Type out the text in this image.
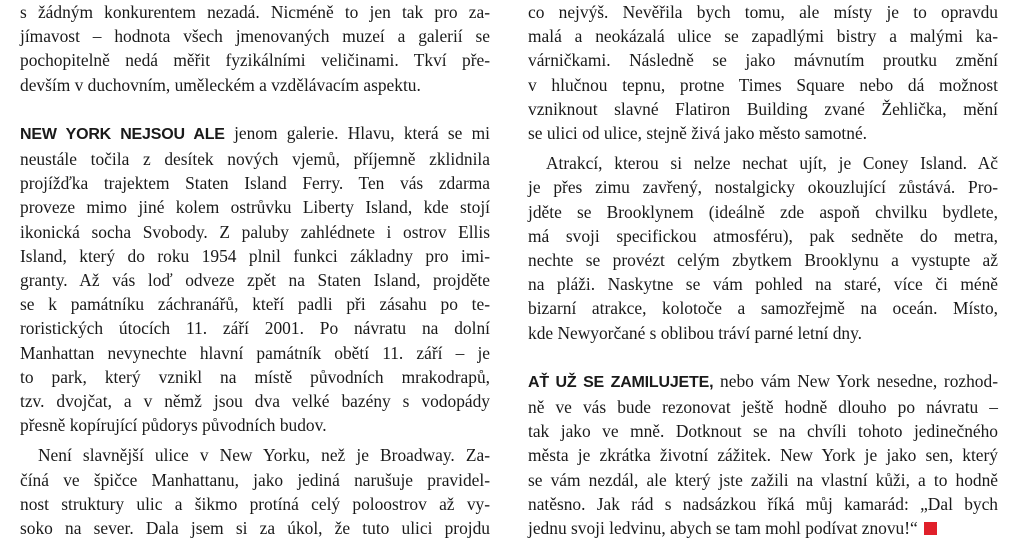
s žádným konkurentem nezadá. Nicméně to jen tak pro za-
jímavost – hodnota všech jmenovaných muzeí a galerií se
pochopitelně nedá měřit fyzikálními veličinami. Tkví pře-
devším v duchovním, uměleckém a vzdělávacím aspektu.
NEW YORK NEJSOU ALE jenom galerie. Hlavu, která se mi
neustále točila z desítek nových vjemů, příjemně zklidnila
projížďka trajektem Staten Island Ferry. Ten vás zdarma
proveze mimo jiné kolem ostrůvku Liberty Island, kde stojí
ikonická socha Svobody. Z paluby zahlédnete i ostrov Ellis
Island, který do roku 1954 plnil funkci základny pro imi-
granty. Až vás loď odveze zpět na Staten Island, projděte
se k památníku záchranářů, kteří padli při zásahu po te-
roristických útocích 11. září 2001. Po návratu na dolní
Manhattan nevynechte hlavní památník obětí 11. září – je
to park, který vznikl na místě původních mrakodrapů,
tzv. dvojčat, a v němž jsou dva velké bazény s vodopády
přesně kopírující půdorys původních budov.
Není slavnější ulice v New Yorku, než je Broadway. Za-
číná ve špičce Manhattanu, jako jediná narušuje pravidel-
nost struktury ulic a šikmo protíná celý poloostrov až vy-
soko na sever. Dala jsem si za úkol, že tuto ulici projdu
co nejvýš. Nevěřila bych tomu, ale místy je to opravdu
malá a neokázalá ulice se zapadlými bistry a malými ka-
várničkami. Následně se jako mávnutím proutku změní
v hlučnou tepnu, protne Times Square nebo dá možnost
vzniknout slavné Flatiron Building zvané Žehlička, mění
se ulici od ulice, stejně živá jako město samotné.
Atrakcí, kterou si nelze nechat ujít, je Coney Island. Ač
je přes zimu zavřený, nostalgicky okouzlující zůstává. Pro-
jděte se Brooklynem (ideálně zde aspoň chvilku bydlete,
má svoji specifickou atmosféru), pak sedněte do metra,
nechte se provézt celým zbytkem Brooklynu a vystupte až
na pláži. Naskytne se vám pohled na staré, více či méně
bizarní atrakce, kolotoče a samozřejmě na oceán. Místo,
kde Newyorčané s oblibou tráví parné letní dny.
AŤ UŽ SE ZAMILUJETE, nebo vám New York nesedne, rozhod-
ně ve vás bude rezonovat ještě hodně dlouho po návratu –
tak jako ve mně. Dotknout se na chvíli tohoto jedinečného
města je zkrátka životní zážitek. New York je jako sen, který
se vám nezdál, ale který jste zažili na vlastní kůži, a to hodně
natěsno. Jak rád s nadsázkou říká můj kamarád: „Dal bych
jednu svoji ledvinu, abych se tam mohl podívat znovu!“
